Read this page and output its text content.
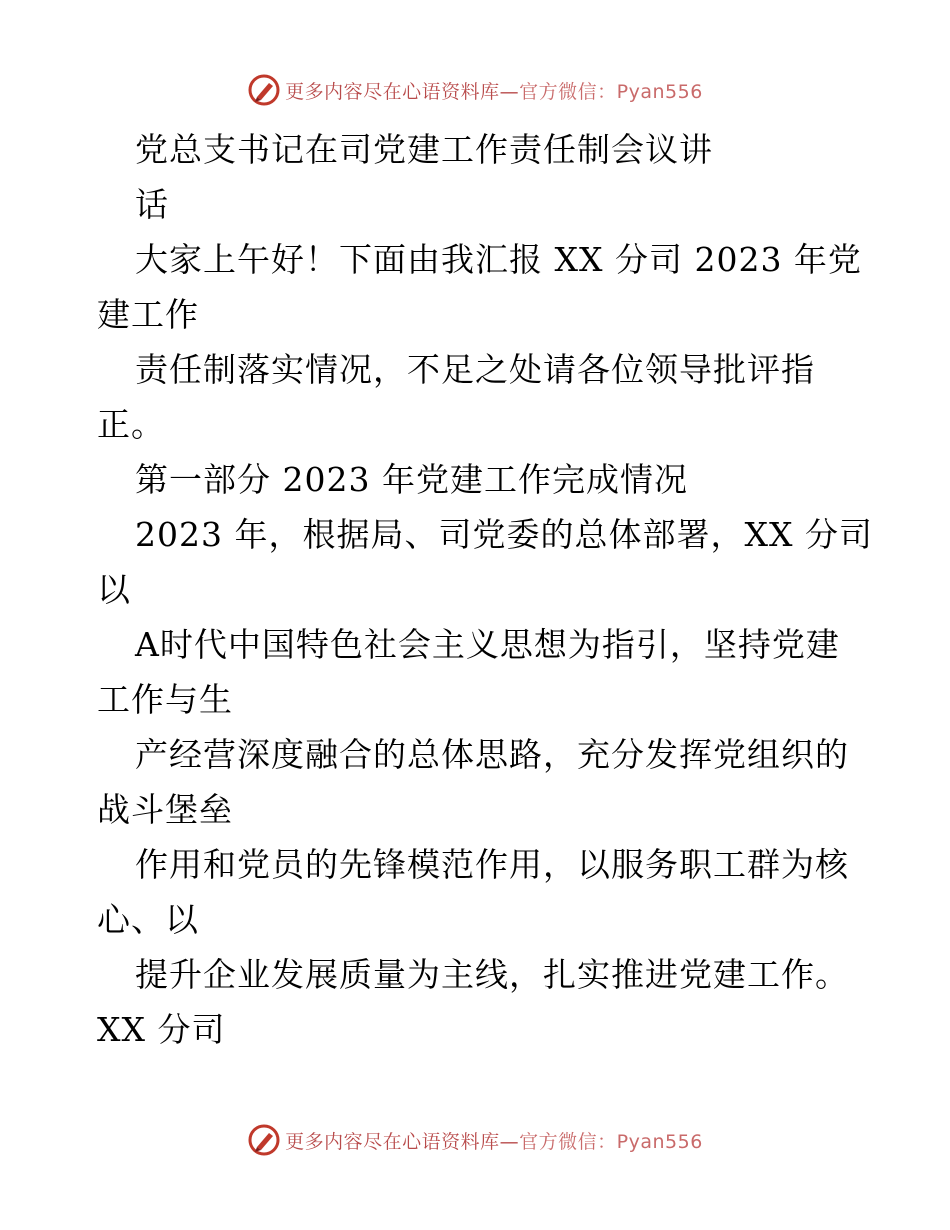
更多内容尽在心语资料库—官方微信：Pyan556
党总支书记在司党建工作责任制会议讲
话
大家上午好！下面由我汇报 XX 分司 2023 年党
建工作
责任制落实情况，不足之处请各位领导批评指
正。
第一部分 2023 年党建工作完成情况
2023 年，根据局、司党委的总体部署，XX 分司
以
A时代中国特色社会主义思想为指引，坚持党建
工作与生
产经营深度融合的总体思路，充分发挥党组织的
战斗堡垒
作用和党员的先锋模范作用，以服务职工群为核
心、以
提升企业发展质量为主线，扎实推进党建工作。
XX 分司
更多内容尽在心语资料库—官方微信：Pyan556
